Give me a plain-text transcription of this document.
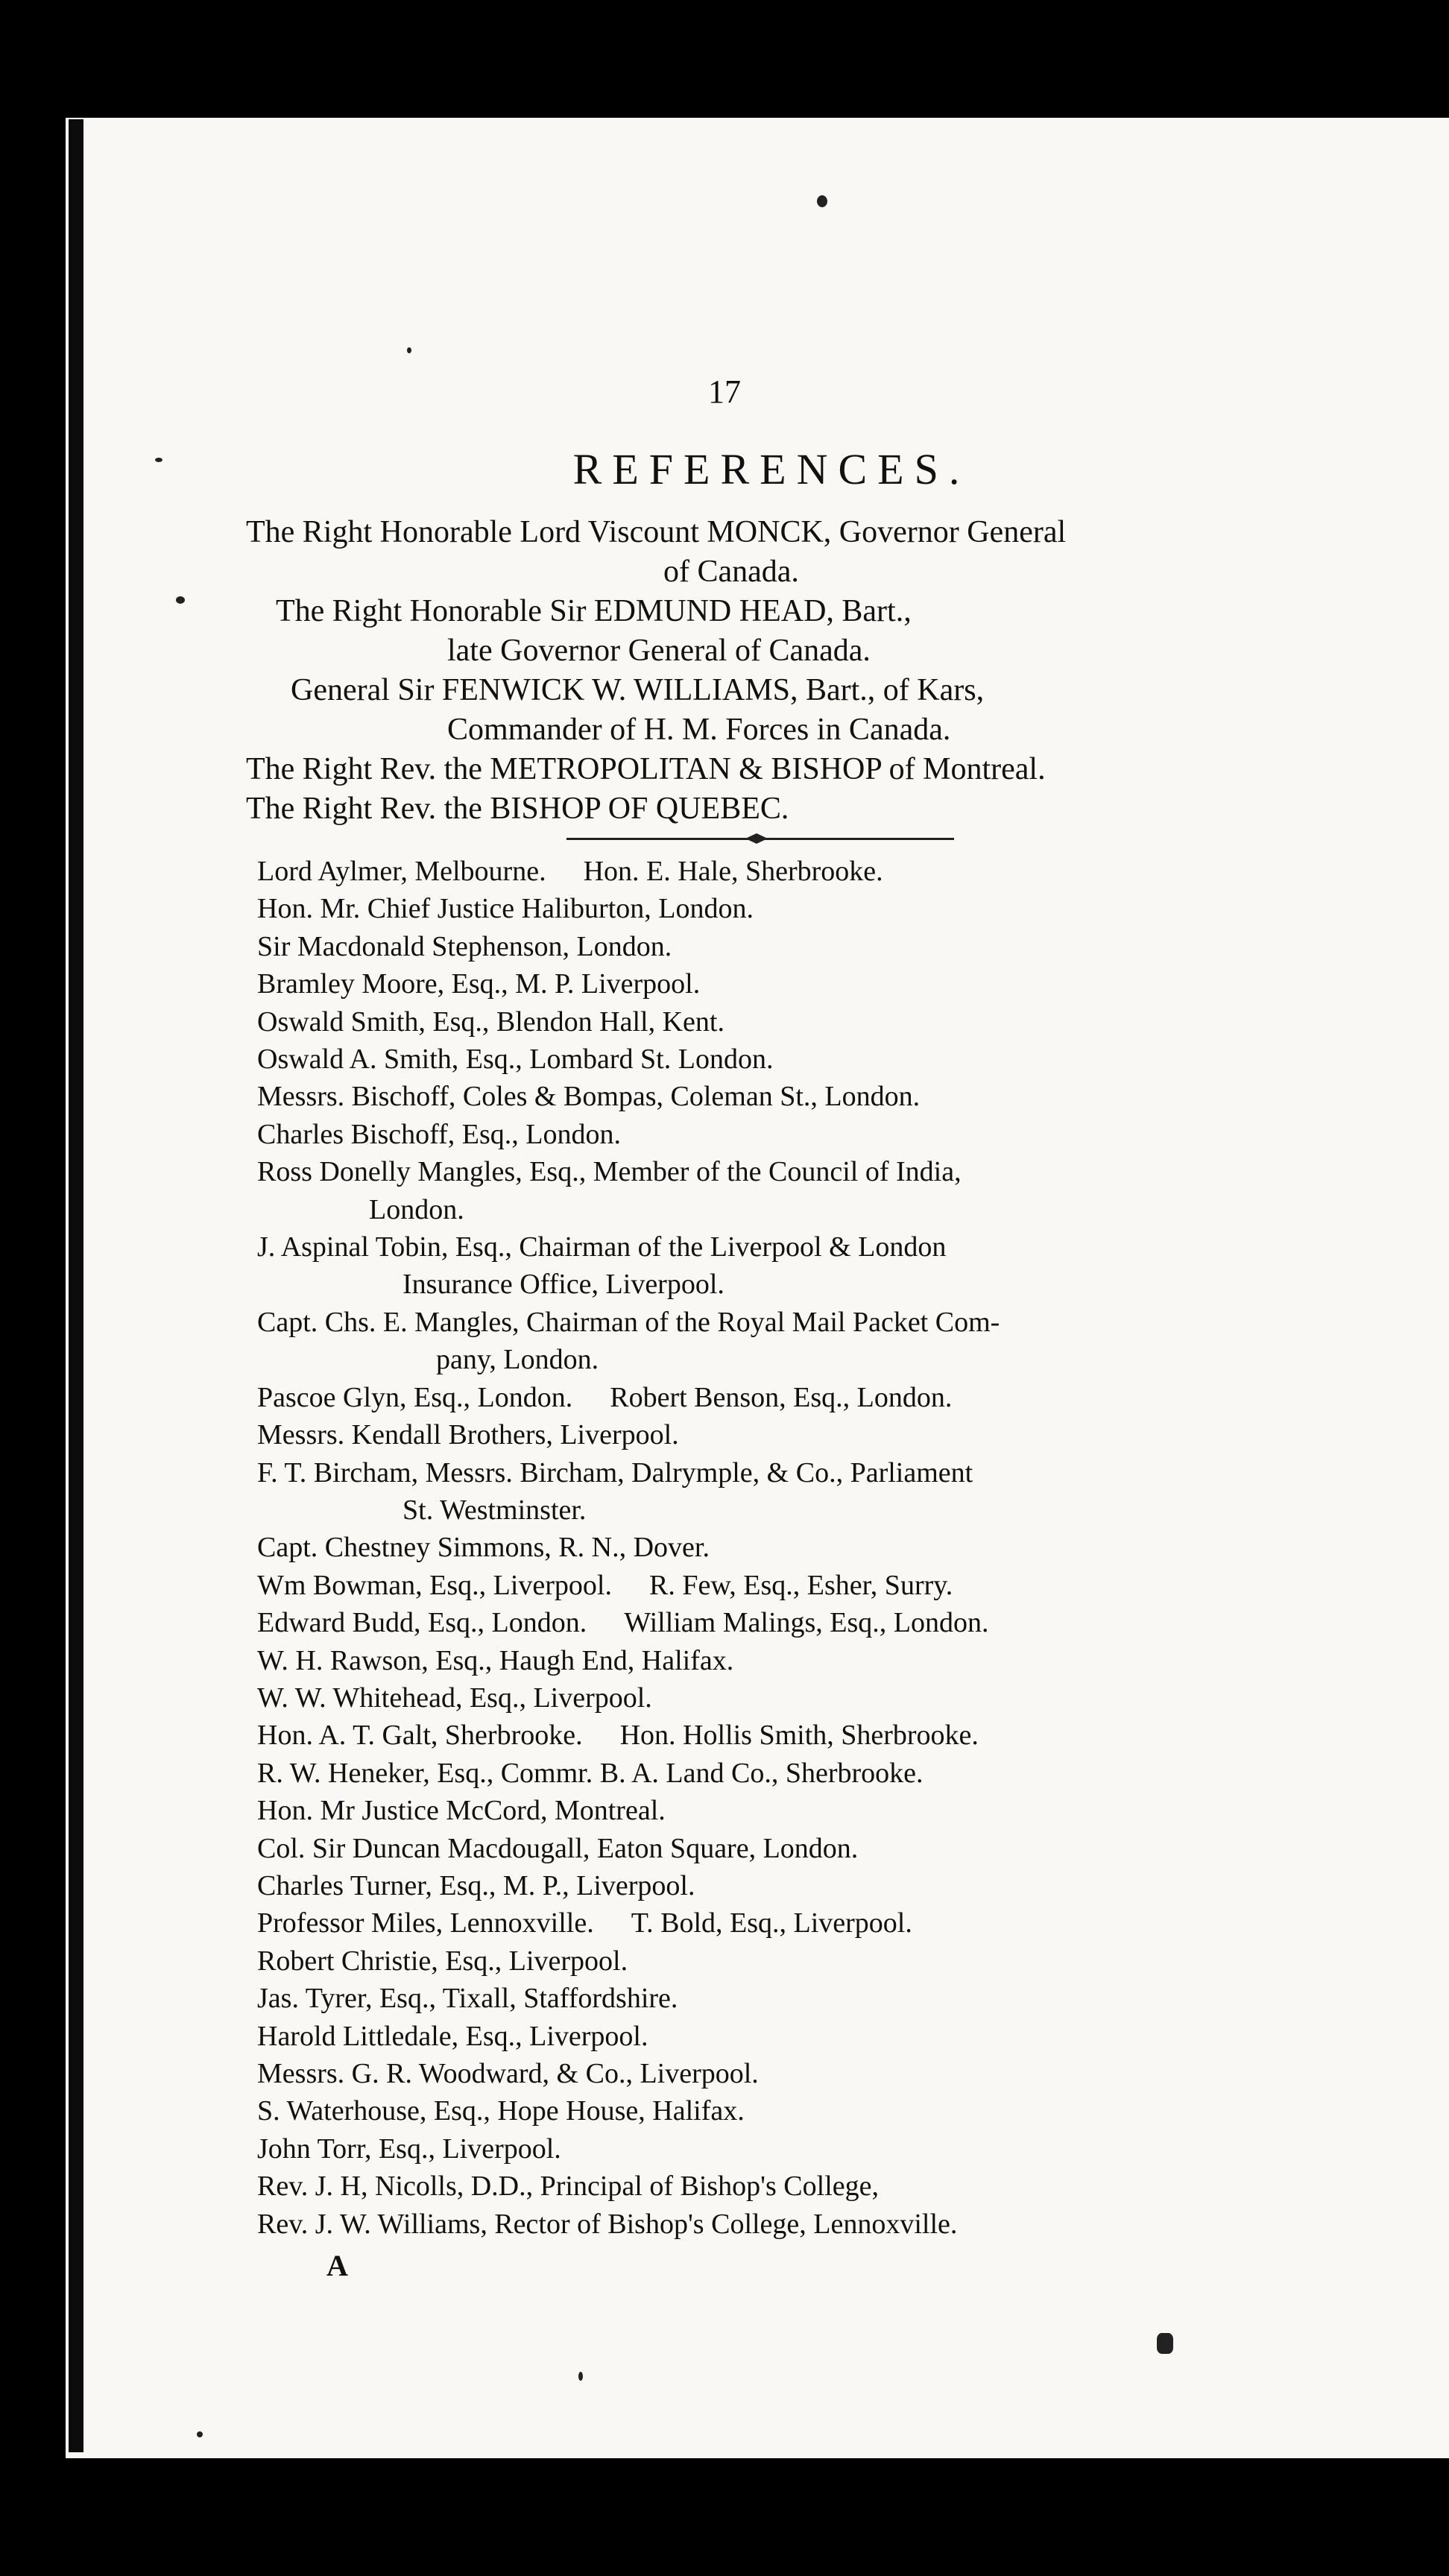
17
REFERENCES.
The Right Honorable Lord Viscount MONCK, Governor General
of Canada.
The Right Honorable Sir EDMUND HEAD, Bart.,
late Governor General of Canada.
General Sir FENWICK W. WILLIAMS, Bart., of Kars,
Commander of H. M. Forces in Canada.
The Right Rev. the METROPOLITAN & BISHOP of Montreal.
The Right Rev. the BISHOP OF QUEBEC.
Lord Aylmer, Melbourne. Hon. E. Hale, Sherbrooke.
Hon. Mr. Chief Justice Haliburton, London.
Sir Macdonald Stephenson, London.
Bramley Moore, Esq., M. P. Liverpool.
Oswald Smith, Esq., Blendon Hall, Kent.
Oswald A. Smith, Esq., Lombard St. London.
Messrs. Bischoff, Coles & Bompas, Coleman St., London.
Charles Bischoff, Esq., London.
Ross Donelly Mangles, Esq., Member of the Council of India,
London.
J. Aspinal Tobin, Esq., Chairman of the Liverpool & London
Insurance Office, Liverpool.
Capt. Chs. E. Mangles, Chairman of the Royal Mail Packet Com-
pany, London.
Pascoe Glyn, Esq., London. Robert Benson, Esq., London.
Messrs. Kendall Brothers, Liverpool.
F. T. Bircham, Messrs. Bircham, Dalrymple, & Co., Parliament
St. Westminster.
Capt. Chestney Simmons, R. N., Dover.
Wm Bowman, Esq., Liverpool. R. Few, Esq., Esher, Surry.
Edward Budd, Esq., London. William Malings, Esq., London.
W. H. Rawson, Esq., Haugh End, Halifax.
W. W. Whitehead, Esq., Liverpool.
Hon. A. T. Galt, Sherbrooke. Hon. Hollis Smith, Sherbrooke.
R. W. Heneker, Esq., Commr. B. A. Land Co., Sherbrooke.
Hon. Mr Justice McCord, Montreal.
Col. Sir Duncan Macdougall, Eaton Square, London.
Charles Turner, Esq., M. P., Liverpool.
Professor Miles, Lennoxville. T. Bold, Esq., Liverpool.
Robert Christie, Esq., Liverpool.
Jas. Tyrer, Esq., Tixall, Staffordshire.
Harold Littledale, Esq., Liverpool.
Messrs. G. R. Woodward, & Co., Liverpool.
S. Waterhouse, Esq., Hope House, Halifax.
John Torr, Esq., Liverpool.
Rev. J. H, Nicolls, D.D., Principal of Bishop's College,
Rev. J. W. Williams, Rector of Bishop's College, Lennoxville.
A
